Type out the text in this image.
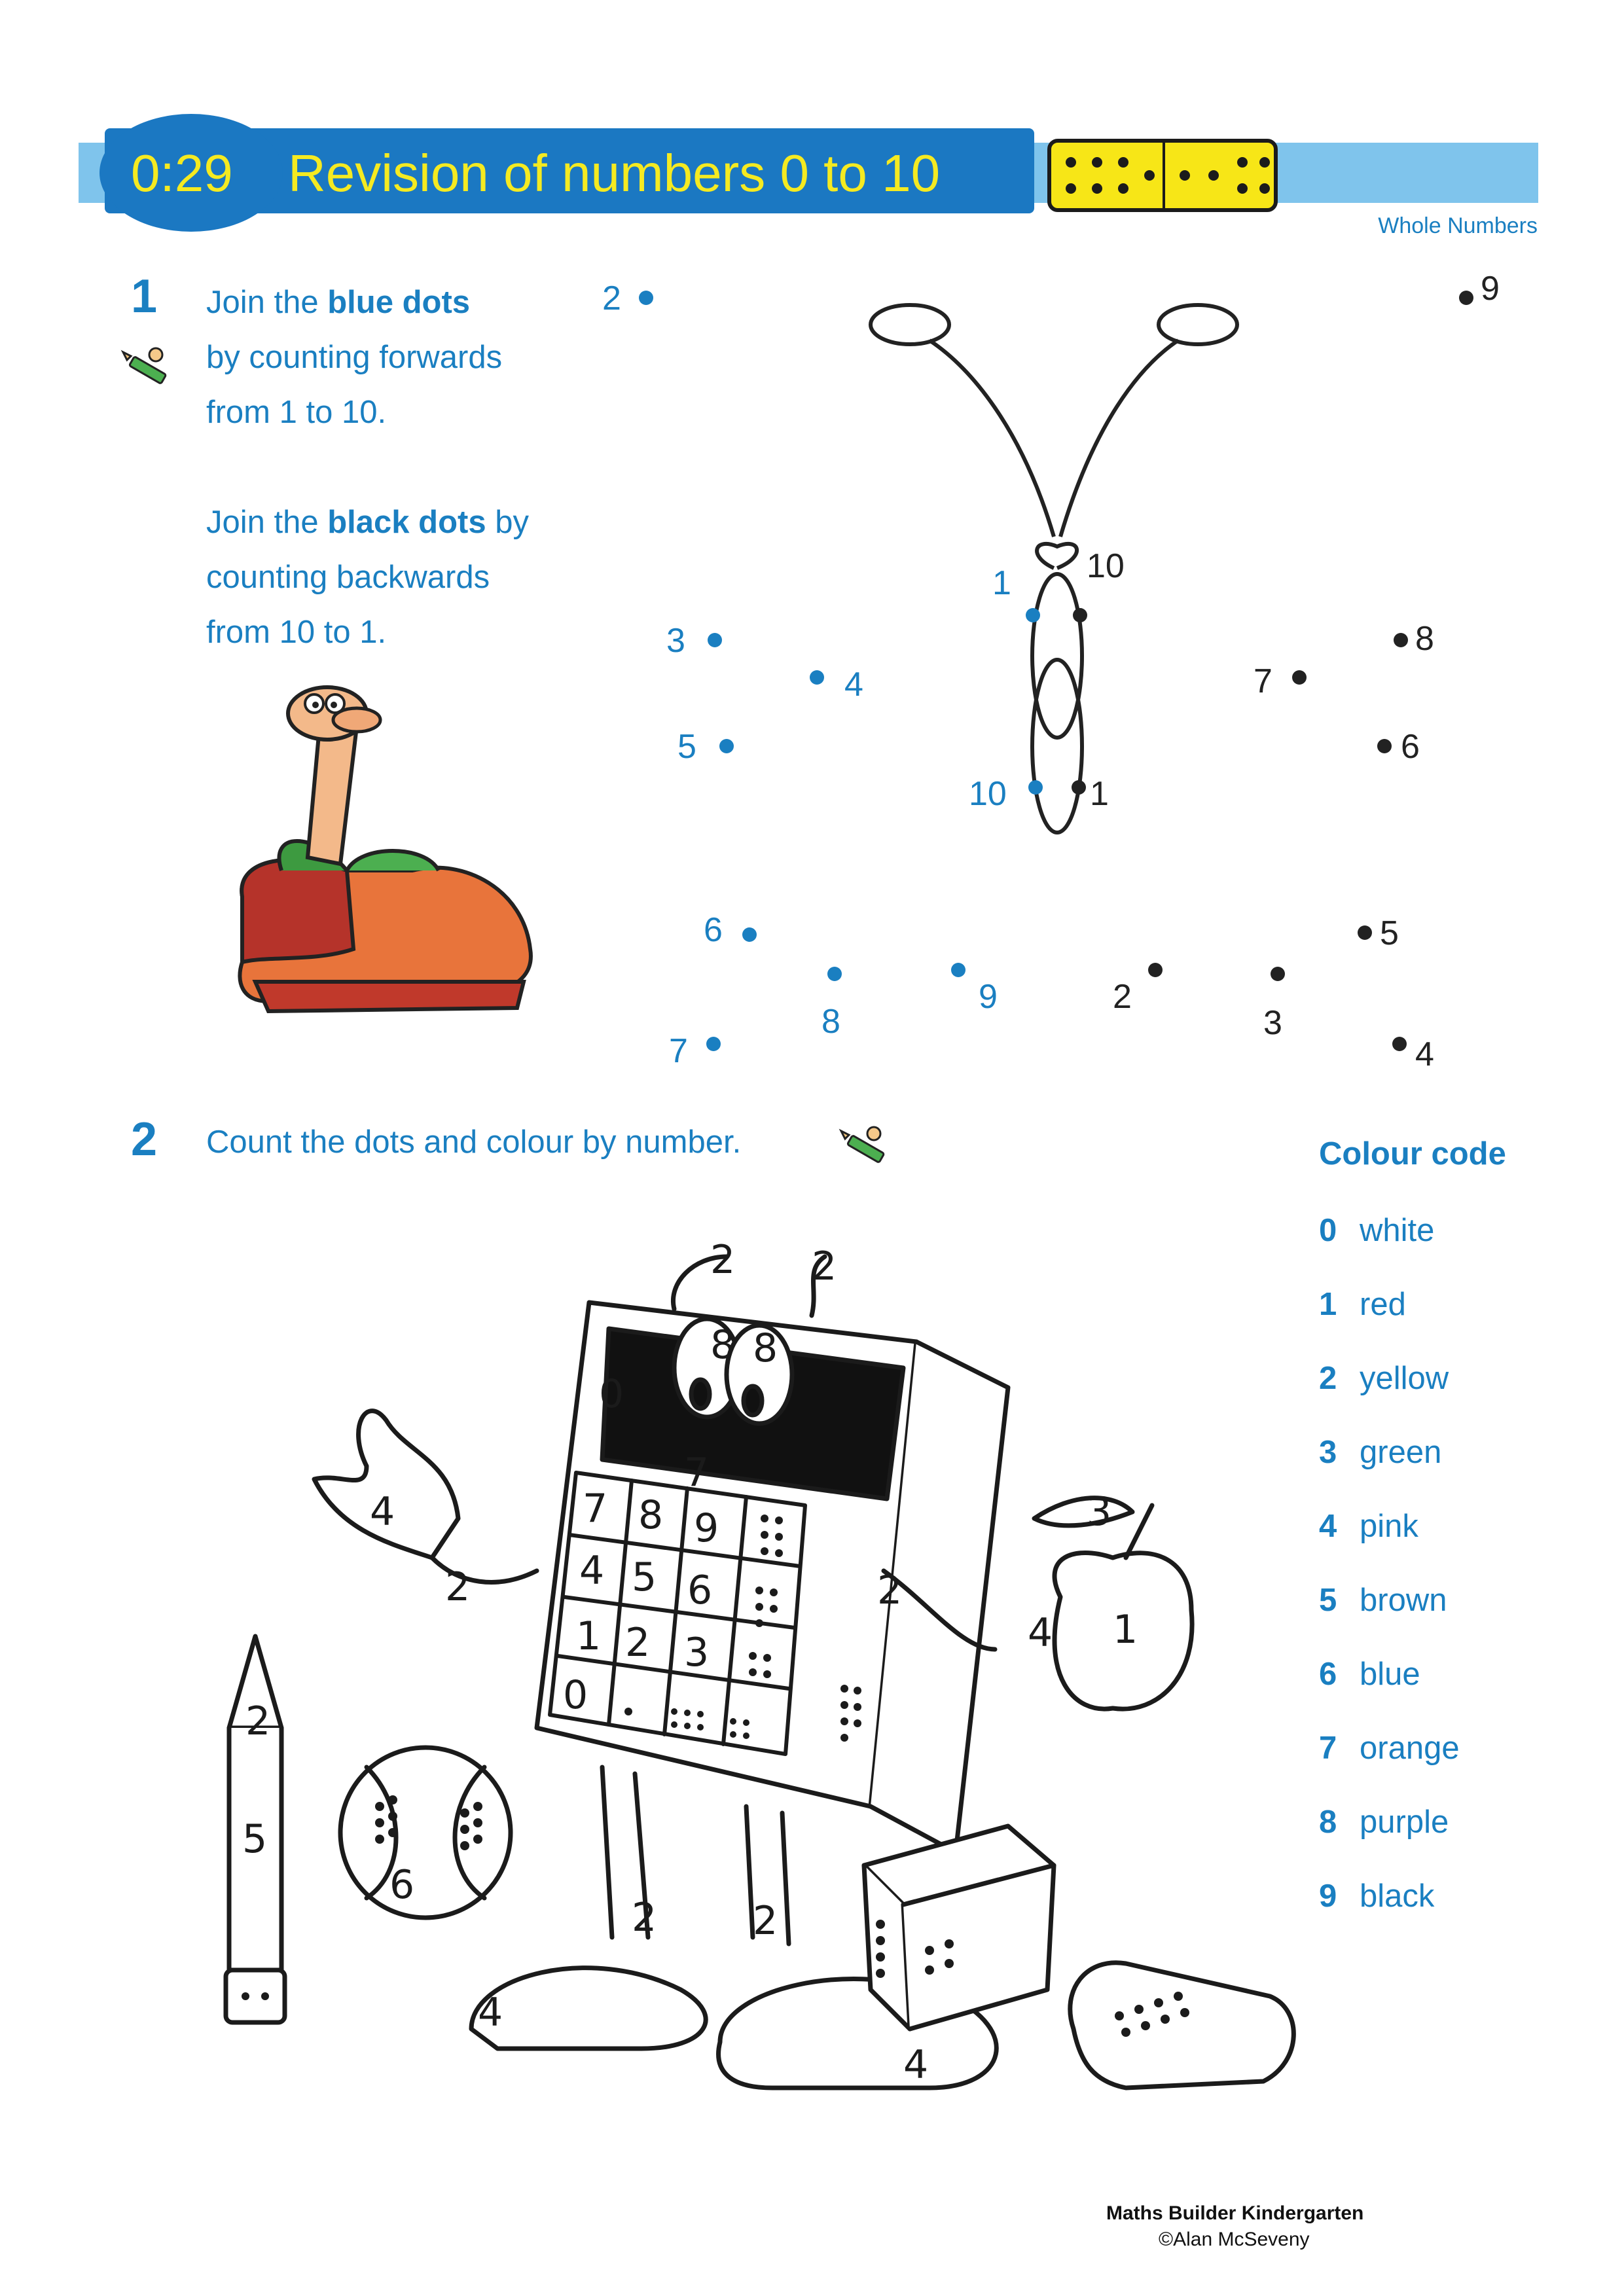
0:29 Revision of numbers 0 to 10
Whole Numbers
1 Join the blue dots
by counting forwards
from 1 to 10.
Join the black dots by
counting backwards
from 10 to 1.
1
2
3
4
5
6
7
8
9
10
10
9
8
7
6
5
4
3
2
1
2 Count the dots and colour by number.	Colour code
0 white
1 red
2 yellow
3 green
4 pink
5 brown
6 blue
7 orange
8 purple
9 black
2 2
8 8
0
7
7 8 9
4 5 6
1 2 3
0
4
2	2
3
4 1
2
5
6
2 2
4
4
Maths Builder Kindergarten
©Alan McSeveny
